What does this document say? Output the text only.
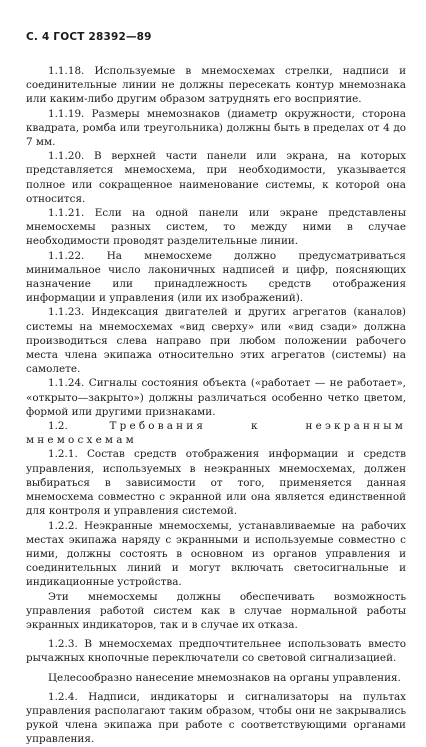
С. 4 ГОСТ 28392—89

1.1.18. Используемые в мнемосхемах стрелки, надписи и соединительные линии не должны пересекать контур мнемознака или каким-либо другим образом затруднять его восприятие.

1.1.19. Размеры мнемознаков (диаметр окружности, сторона квадрата, ромба или треугольника) должны быть в пределах от 4 до 7 мм.

1.1.20. В верхней части панели или экрана, на которых представляется мнемосхема, при необходимости, указывается полное или сокращенное наименование системы, к которой она относится.

1.1.21. Если на одной панели или экране представлены мнемосхемы разных систем, то между ними в случае необходимости проводят разделительные линии.

1.1.22. На мнемосхеме должно предусматриваться минимальное число лаконичных надписей и цифр, поясняющих назначение или принадлежность средств отображения информации и управления (или их изображений).

1.1.23. Индексация двигателей и других агрегатов (каналов) системы на мнемосхемах «вид сверху» или «вид сзади» должна производиться слева направо при любом положении рабочего места члена экипажа относительно этих агрегатов (системы) на самолете.

1.1.24. Сигналы состояния объекта («работает — не работает», «открыто—закрыто») должны различаться особенно четко цветом, формой или другими признаками.

1.2.	Требования к неэкранным мнемосхемам

1.2.1. Состав средств отображения информации и средств управления, используемых в неэкранных мнемосхемах, должен выбираться в зависимости от того, применяется данная мнемосхема совместно с экранной или она является единственной для контроля и управления системой.

1.2.2. Неэкранные мнемосхемы, устанавливаемые на рабочих местах экипажа наряду с экранными и используемые совместно с ними, должны состоять в основном из органов управления и соединительных линий и могут включать светосигнальные и индикационные устройства.

Эти мнемосхемы должны обеспечивать возможность управления работой систем как в случае нормальной работы экранных индикаторов, так и в случае их отказа.

1.2.3. В мнемосхемах предпочтительнее использовать вместо рычажных кнопочные переключатели со световой сигнализацией.

Целесообразно нанесение мнемознаков на органы управления.

1.2.4. Надписи, индикаторы и сигнализаторы на пультах управления располагают таким образом, чтобы они не закрывались рукой члена экипажа при работе с соответствующими органами управления.
